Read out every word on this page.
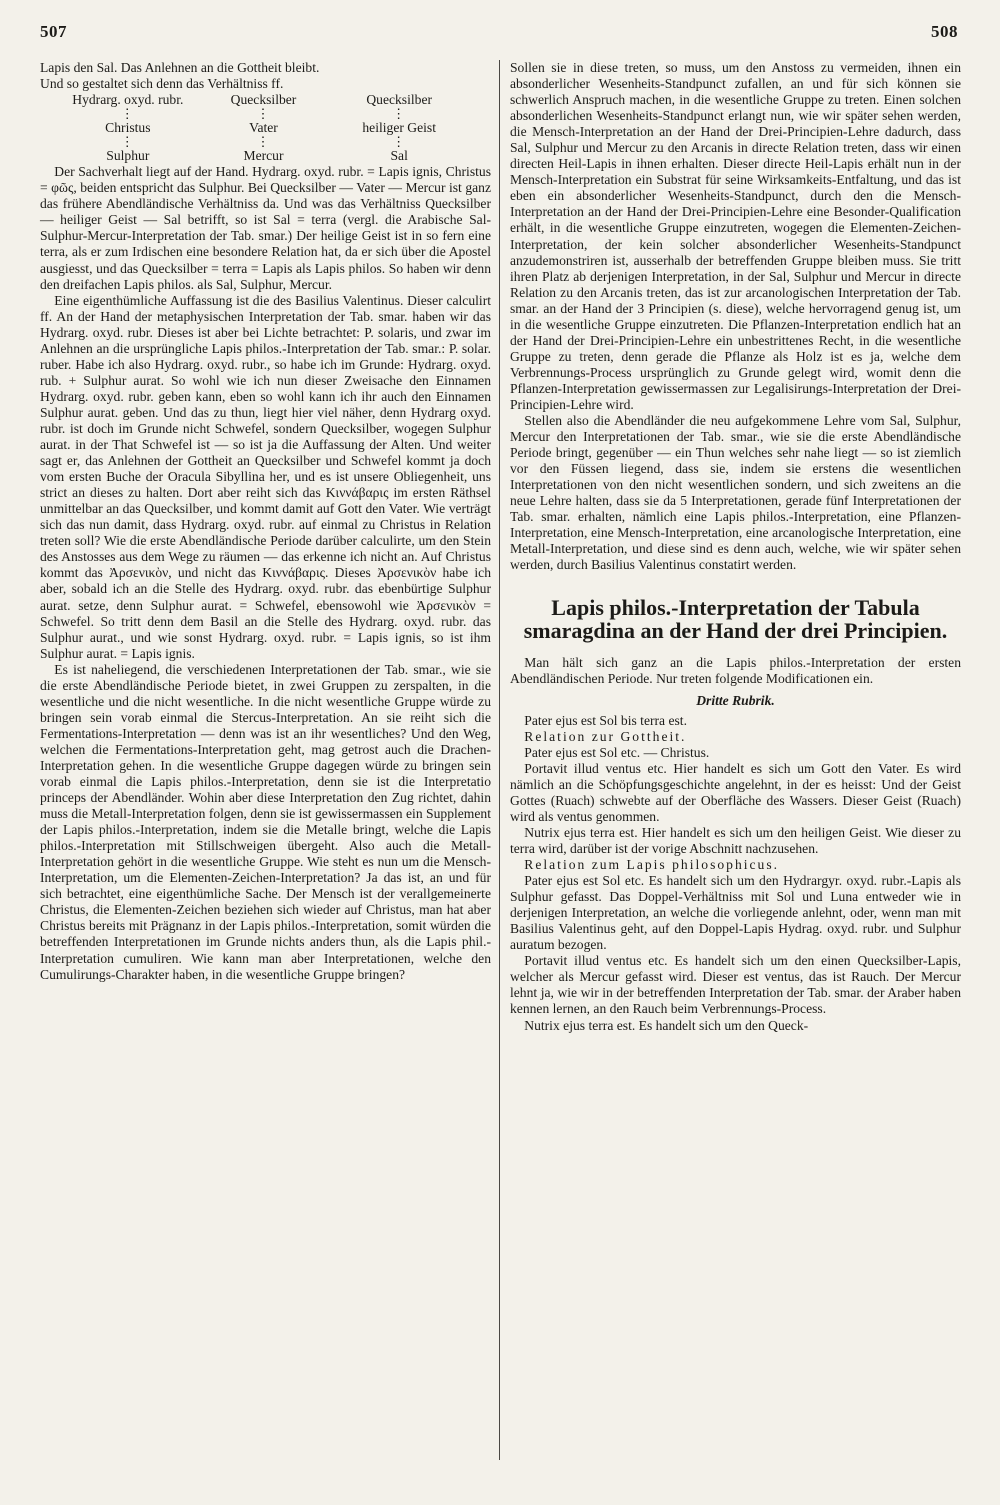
507	508

Lapis den Sal. Das Anlehnen an die Gottheit bleibt.

Und so gestaltet sich denn das Verhältniss ff.

Hydrarg. oxyd. rubr.	Quecksilber	Quecksilber
⋮	⋮	⋮
Christus	Vater	heiliger Geist
⋮	⋮	⋮
Sulphur	Mercur	Sal

Der Sachverhalt liegt auf der Hand. Hydrarg. oxyd. rubr. = Lapis ignis, Christus = φῶς, beiden entspricht das Sulphur. Bei Quecksilber — Vater — Mercur ist ganz das frühere Abendländische Verhältniss da. Und was das Verhältniss Quecksilber — heiliger Geist — Sal betrifft, so ist Sal = terra (vergl. die Arabische Sal-Sulphur-Mercur-Interpretation der Tab. smar.) Der heilige Geist ist in so fern eine terra, als er zum Irdischen eine besondere Relation hat, da er sich über die Apostel ausgiesst, und das Quecksilber = terra = Lapis als Lapis philos. So haben wir denn den dreifachen Lapis philos. als Sal, Sulphur, Mercur.

Eine eigenthümliche Auffassung ist die des Basilius Valentinus. Dieser calculirt ff. An der Hand der metaphysischen Interpretation der Tab. smar. haben wir das Hydrarg. oxyd. rubr. Dieses ist aber bei Lichte betrachtet: P. solaris, und zwar im Anlehnen an die ursprüngliche Lapis philos.-Interpretation der Tab. smar.: P. solar. ruber. Habe ich also Hydrarg. oxyd. rubr., so habe ich im Grunde: Hydrarg. oxyd. rub. + Sulphur aurat. So wohl wie ich nun dieser Zweisache den Einnamen Hydrarg. oxyd. rubr. geben kann, eben so wohl kann ich ihr auch den Einnamen Sulphur aurat. geben. Und das zu thun, liegt hier viel näher, denn Hydrarg oxyd. rubr. ist doch im Grunde nicht Schwefel, sondern Quecksilber, wogegen Sulphur aurat. in der That Schwefel ist — so ist ja die Auffassung der Alten. Und weiter sagt er, das Anlehnen der Gottheit an Quecksilber und Schwefel kommt ja doch vom ersten Buche der Oracula Sibyllina her, und es ist unsere Obliegenheit, uns strict an dieses zu halten. Dort aber reiht sich das Κιννάβαρις im ersten Räthsel unmittelbar an das Quecksilber, und kommt damit auf Gott den Vater. Wie verträgt sich das nun damit, dass Hydrarg. oxyd. rubr. auf einmal zu Christus in Relation treten soll? Wie die erste Abendländische Periode darüber calculirte, um den Stein des Anstosses aus dem Wege zu räumen — das erkenne ich nicht an. Auf Christus kommt das Ἀρσενικὸν, und nicht das Κιννάβαρις. Dieses Ἀρσενικὸν habe ich aber, sobald ich an die Stelle des Hydrarg. oxyd. rubr. das ebenbürtige Sulphur aurat. setze, denn Sulphur aurat. = Schwefel, ebensowohl wie Ἀρσενικὸν = Schwefel. So tritt denn dem Basil an die Stelle des Hydrarg. oxyd. rubr. das Sulphur aurat., und wie sonst Hydrarg. oxyd. rubr. = Lapis ignis, so ist ihm Sulphur aurat. = Lapis ignis.

Es ist naheliegend, die verschiedenen Interpretationen der Tab. smar., wie sie die erste Abendländische Periode bietet, in zwei Gruppen zu zerspalten, in die wesentliche und die nicht wesentliche. In die nicht wesentliche Gruppe würde zu bringen sein vorab einmal die Stercus-Interpretation. An sie reiht sich die Fermentations-Interpretation — denn was ist an ihr wesentliches? Und den Weg, welchen die Fermentations-Interpretation geht, mag getrost auch die Drachen-Interpretation gehen. In die wesentliche Gruppe dagegen würde zu bringen sein vorab einmal die Lapis philos.-Interpretation, denn sie ist die Interpretatio princeps der Abendländer. Wohin aber diese Interpretation den Zug richtet, dahin muss die Metall-Interpretation folgen, denn sie ist gewissermassen ein Supplement der Lapis philos.-Interpretation, indem sie die Metalle bringt, welche die Lapis philos.-Interpretation mit Stillschweigen übergeht. Also auch die Metall-Interpretation gehört in die wesentliche Gruppe. Wie steht es nun um die Mensch-Interpretation, um die Elementen-Zeichen-Interpretation? Ja das ist, an und für sich betrachtet, eine eigenthümliche Sache. Der Mensch ist der verallgemeinerte Christus, die Elementen-Zeichen beziehen sich wieder auf Christus, man hat aber Christus bereits mit Prägnanz in der Lapis philos.-Interpretation, somit würden die betreffenden Interpretationen im Grunde nichts anders thun, als die Lapis phil.-Interpretation cumuliren. Wie kann man aber Interpretationen, welche den Cumulirungs-Charakter haben, in die wesentliche Gruppe bringen?

Sollen sie in diese treten, so muss, um den Anstoss zu vermeiden, ihnen ein absonderlicher Wesenheits-Standpunct zufallen, an und für sich können sie schwerlich Anspruch machen, in die wesentliche Gruppe zu treten. Einen solchen absonderlichen Wesenheits-Standpunct erlangt nun, wie wir später sehen werden, die Mensch-Interpretation an der Hand der Drei-Principien-Lehre dadurch, dass Sal, Sulphur und Mercur zu den Arcanis in directe Relation treten, dass wir einen directen Heil-Lapis in ihnen erhalten. Dieser directe Heil-Lapis erhält nun in der Mensch-Interpretation ein Substrat für seine Wirksamkeits-Entfaltung, und das ist eben ein absonderlicher Wesenheits-Standpunct, durch den die Mensch-Interpretation an der Hand der Drei-Principien-Lehre eine Besonder-Qualification erhält, in die wesentliche Gruppe einzutreten, wogegen die Elementen-Zeichen-Interpretation, der kein solcher absonderlicher Wesenheits-Standpunct anzudemonstriren ist, ausserhalb der betreffenden Gruppe bleiben muss. Sie tritt ihren Platz ab derjenigen Interpretation, in der Sal, Sulphur und Mercur in directe Relation zu den Arcanis treten, das ist zur arcanologischen Interpretation der Tab. smar. an der Hand der 3 Principien (s. diese), welche hervorragend genug ist, um in die wesentliche Gruppe einzutreten. Die Pflanzen-Interpretation endlich hat an der Hand der Drei-Principien-Lehre ein unbestrittenes Recht, in die wesentliche Gruppe zu treten, denn gerade die Pflanze als Holz ist es ja, welche dem Verbrennungs-Process ursprünglich zu Grunde gelegt wird, womit denn die Pflanzen-Interpretation gewissermassen zur Legalisirungs-Interpretation der Drei-Principien-Lehre wird.

Stellen also die Abendländer die neu aufgekommene Lehre vom Sal, Sulphur, Mercur den Interpretationen der Tab. smar., wie sie die erste Abendländische Periode bringt, gegenüber — ein Thun welches sehr nahe liegt — so ist ziemlich vor den Füssen liegend, dass sie, indem sie erstens die wesentlichen Interpretationen von den nicht wesentlichen sondern, und sich zweitens an die neue Lehre halten, dass sie da 5 Interpretationen, gerade fünf Interpretationen der Tab. smar. erhalten, nämlich eine Lapis philos.-Interpretation, eine Pflanzen-Interpretation, eine Mensch-Interpretation, eine arcanologische Interpretation, eine Metall-Interpretation, und diese sind es denn auch, welche, wie wir später sehen werden, durch Basilius Valentinus constatirt werden.

Lapis philos.-Interpretation der Tabula smaragdina an der Hand der drei Principien.

Man hält sich ganz an die Lapis philos.-Interpretation der ersten Abendländischen Periode. Nur treten folgende Modificationen ein.

Dritte Rubrik.

Pater ejus est Sol bis terra est.

Relation zur Gottheit.

Pater ejus est Sol etc. — Christus.

Portavit illud ventus etc. Hier handelt es sich um Gott den Vater. Es wird nämlich an die Schöpfungsgeschichte angelehnt, in der es heisst: Und der Geist Gottes (Ruach) schwebte auf der Oberfläche des Wassers. Dieser Geist (Ruach) wird als ventus genommen.

Nutrix ejus terra est. Hier handelt es sich um den heiligen Geist. Wie dieser zu terra wird, darüber ist der vorige Abschnitt nachzusehen.

Relation zum Lapis philosophicus.

Pater ejus est Sol etc. Es handelt sich um den Hydrargyr. oxyd. rubr.-Lapis als Sulphur gefasst. Das Doppel-Verhältniss mit Sol und Luna entweder wie in derjenigen Interpretation, an welche die vorliegende anlehnt, oder, wenn man mit Basilius Valentinus geht, auf den Doppel-Lapis Hydrag. oxyd. rubr. und Sulphur auratum bezogen.

Portavit illud ventus etc. Es handelt sich um den einen Quecksilber-Lapis, welcher als Mercur gefasst wird. Dieser est ventus, das ist Rauch. Der Mercur lehnt ja, wie wir in der betreffenden Interpretation der Tab. smar. der Araber haben kennen lernen, an den Rauch beim Verbrennungs-Process.

Nutrix ejus terra est. Es handelt sich um den Queck-
